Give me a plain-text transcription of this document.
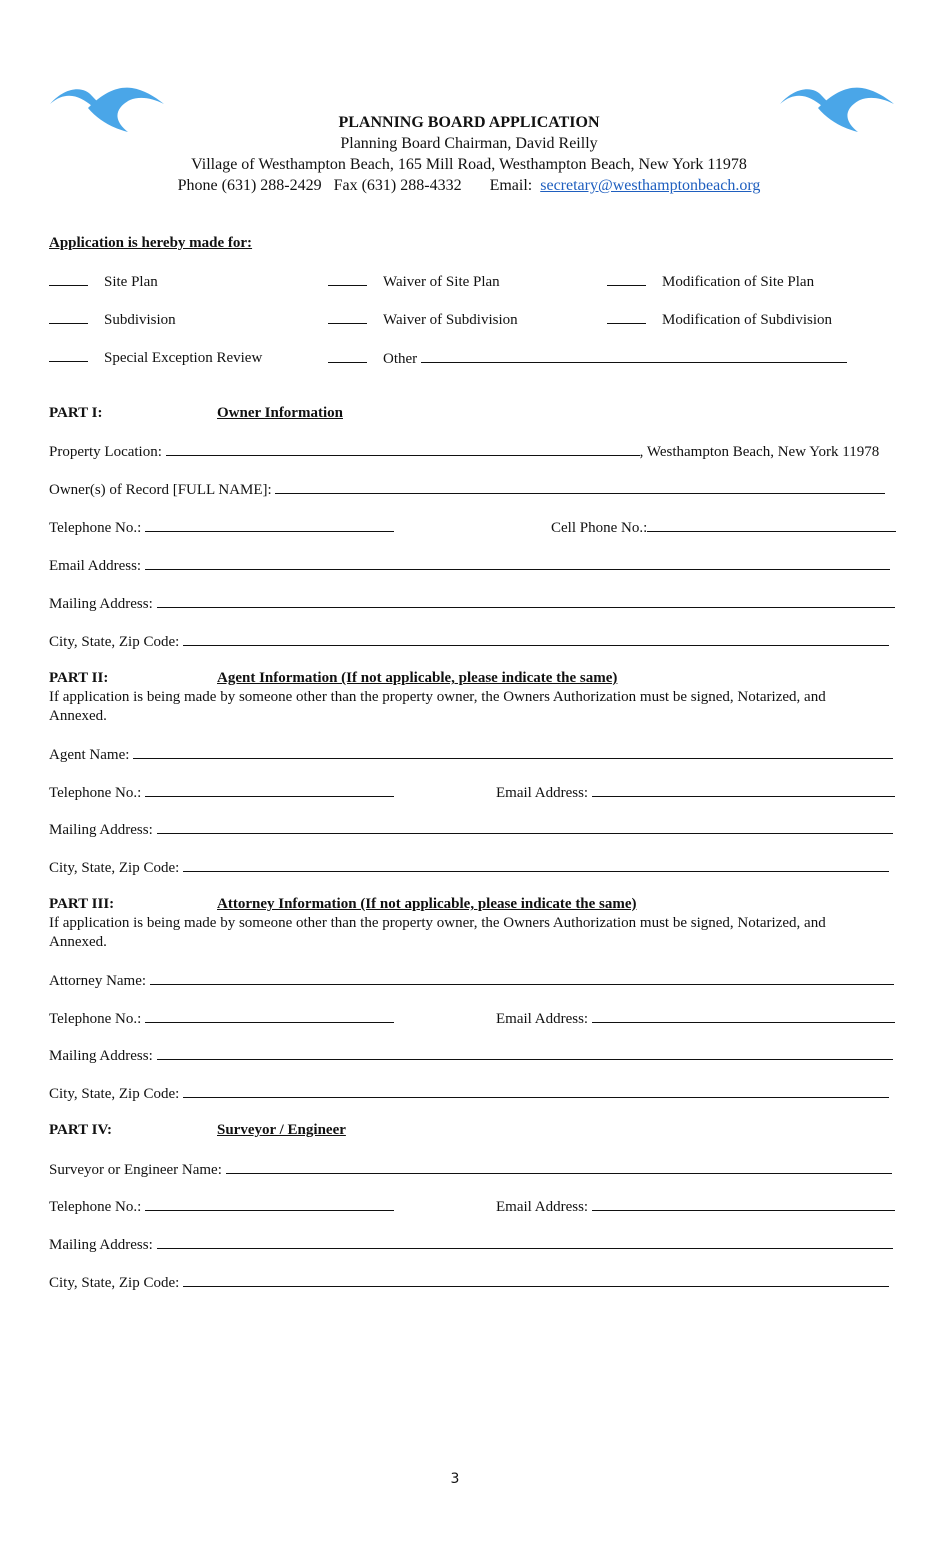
PLANNING BOARD APPLICATION
Planning Board Chairman, David Reilly
Village of Westhampton Beach, 165 Mill Road, Westhampton Beach, New York 11978
Phone (631) 288-2429 Fax (631) 288-4332 Email: secretary@westhamptonbeach.org
Application is hereby made for:
Site Plan	Waiver of Site Plan	Modification of Site Plan
Subdivision	Waiver of Subdivision	Modification of Subdivision
Special Exception Review	Other
PART I:	Owner Information
Property Location:	, Westhampton Beach, New York 11978
Owner(s) of Record [FULL NAME]:
Telephone No.:	Cell Phone No.:
Email Address:
Mailing Address:
City, State, Zip Code:
PART II:	Agent Information (If not applicable, please indicate the same)
If application is being made by someone other than the property owner, the Owners Authorization must be signed, Notarized, and Annexed.
Agent Name:
Telephone No.:	Email Address:
Mailing Address:
City, State, Zip Code:
PART III:	Attorney Information (If not applicable, please indicate the same)
If application is being made by someone other than the property owner, the Owners Authorization must be signed, Notarized, and Annexed.
Attorney Name:
Telephone No.:	Email Address:
Mailing Address:
City, State, Zip Code:
PART IV:	Surveyor / Engineer
Surveyor or Engineer Name:
Telephone No.:	Email Address:
Mailing Address:
City, State, Zip Code:
3
